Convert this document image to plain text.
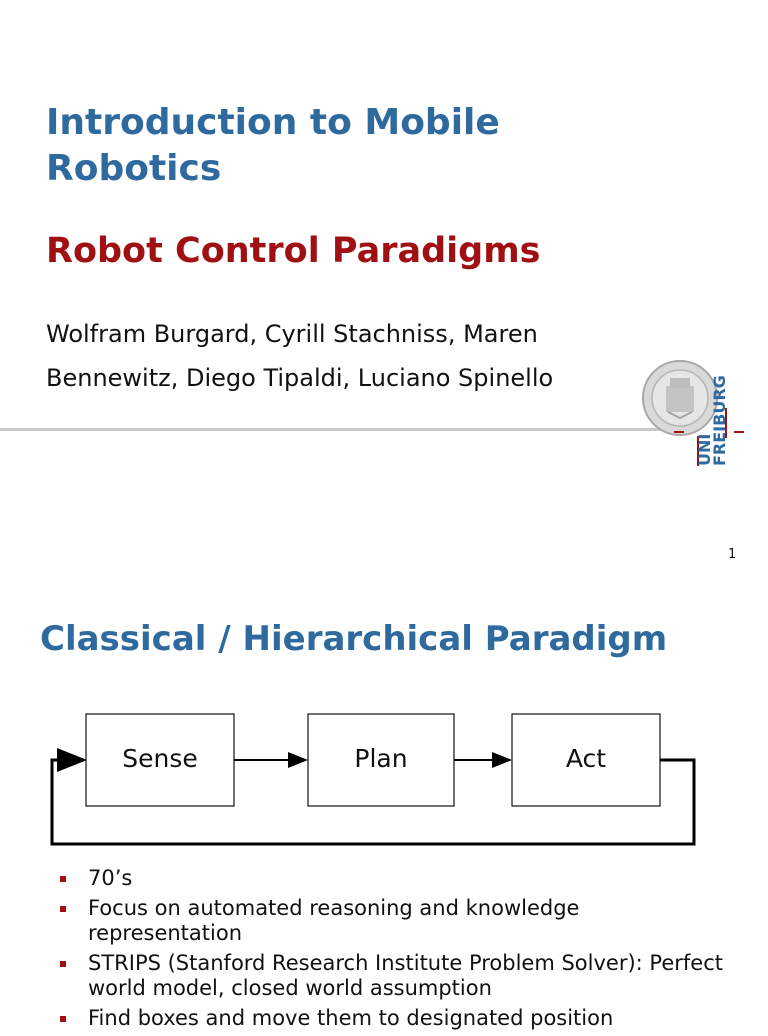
Introduction to Mobile Robotics
Robot Control Paradigms
Wolfram Burgard, Cyrill Stachniss, Maren Bennewitz, Diego Tipaldi, Luciano Spinello
UNI
FREIBURG
1
Classical / Hierarchical Paradigm
Sense	Plan	Act
70’s
Focus on automated reasoning and knowledge representation
STRIPS (Stanford Research Institute Problem Solver): Perfect world model, closed world assumption
Find boxes and move them to designated position
